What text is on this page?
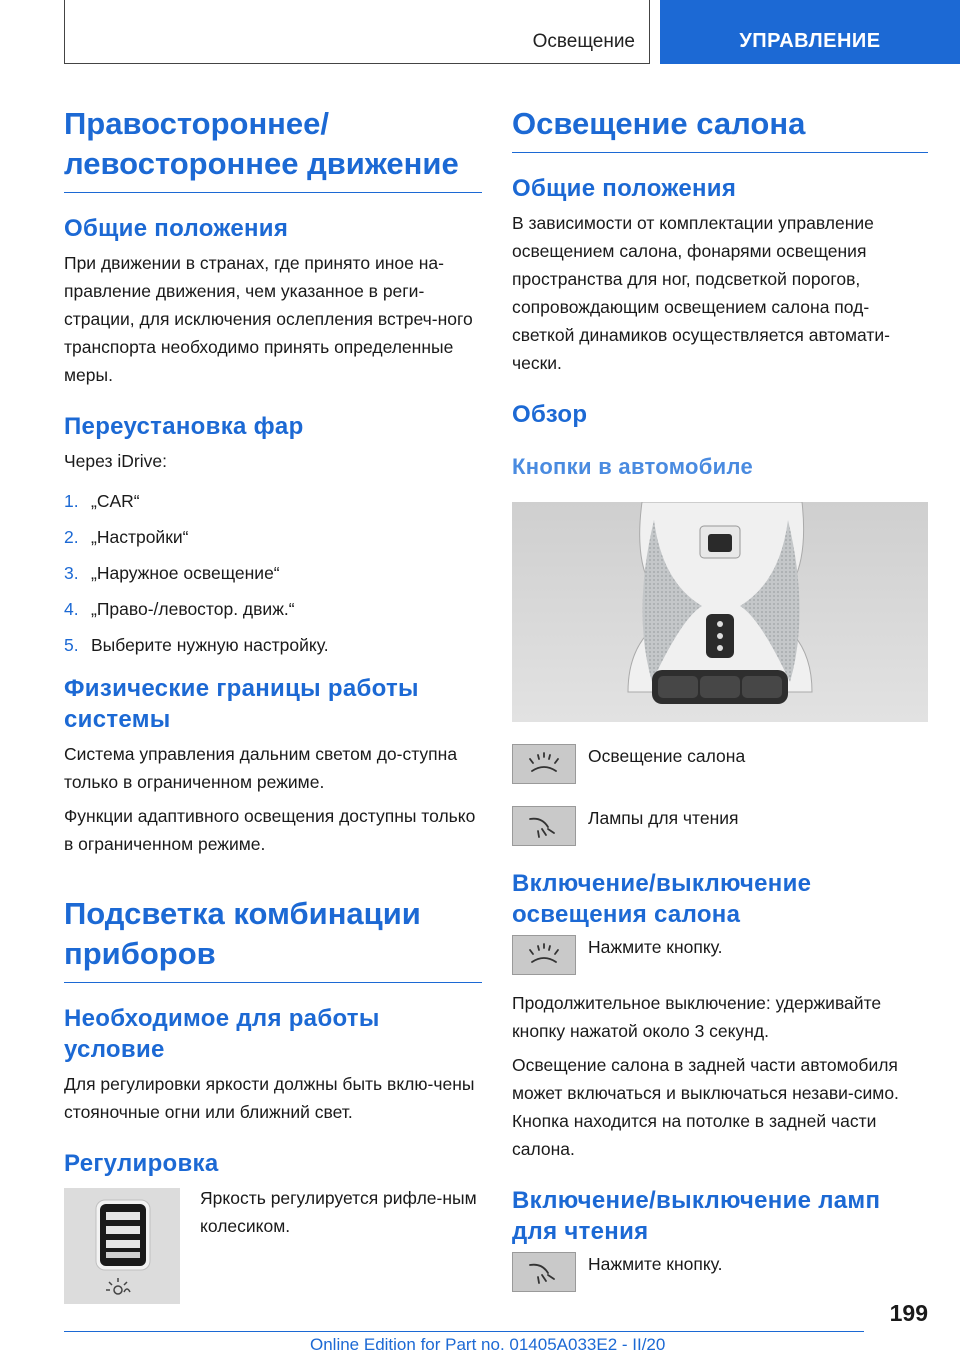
Освещение	УПРАВЛЕНИЕ
Правостороннее/ левостороннее движение
Общие положения

При движении в странах, где принято иное на-правление движения, чем указанное в реги-страции, для исключения ослепления встреч-ного транспорта необходимо принять определенные меры.

Переустановка фар

Через iDrive:

1. „CAR“
2. „Настройки“
3. „Наружное освещение“
4. „Право-/левостор. движ.“
5. Выберите нужную настройку.
Физические границы работы системы

Система управления дальним светом до-ступна только в ограниченном режиме.

Функции адаптивного освещения доступны только в ограниченном режиме.

Подсветка комбинации приборов
Необходимое для работы условие

Для регулировки яркости должны быть вклю-чены стояночные огни или ближний свет.

Регулировка

Яркость регулируется рифле-ным колесиком.

Освещение салона
Общие положения

В зависимости от комплектации управление освещением салона, фонарями освещения пространства для ног, подсветкой порогов, сопровождающим освещением салона под-светкой динамиков осуществляется автомати-чески.

Обзор
Кнопки в автомобиле
Освещение салона
Лампы для чтения
Включение/выключение освещения салона
Нажмите кнопку.

Продолжительное выключение: удерживайте кнопку нажатой около 3 секунд.

Освещение салона в задней части автомобиля может включаться и выключаться незави-симо. Кнопка находится на потолке в задней части салона.

Включение/выключение ламп для чтения
Нажмите кнопку.
199
Online Edition for Part no. 01405A033E2 - II/20
